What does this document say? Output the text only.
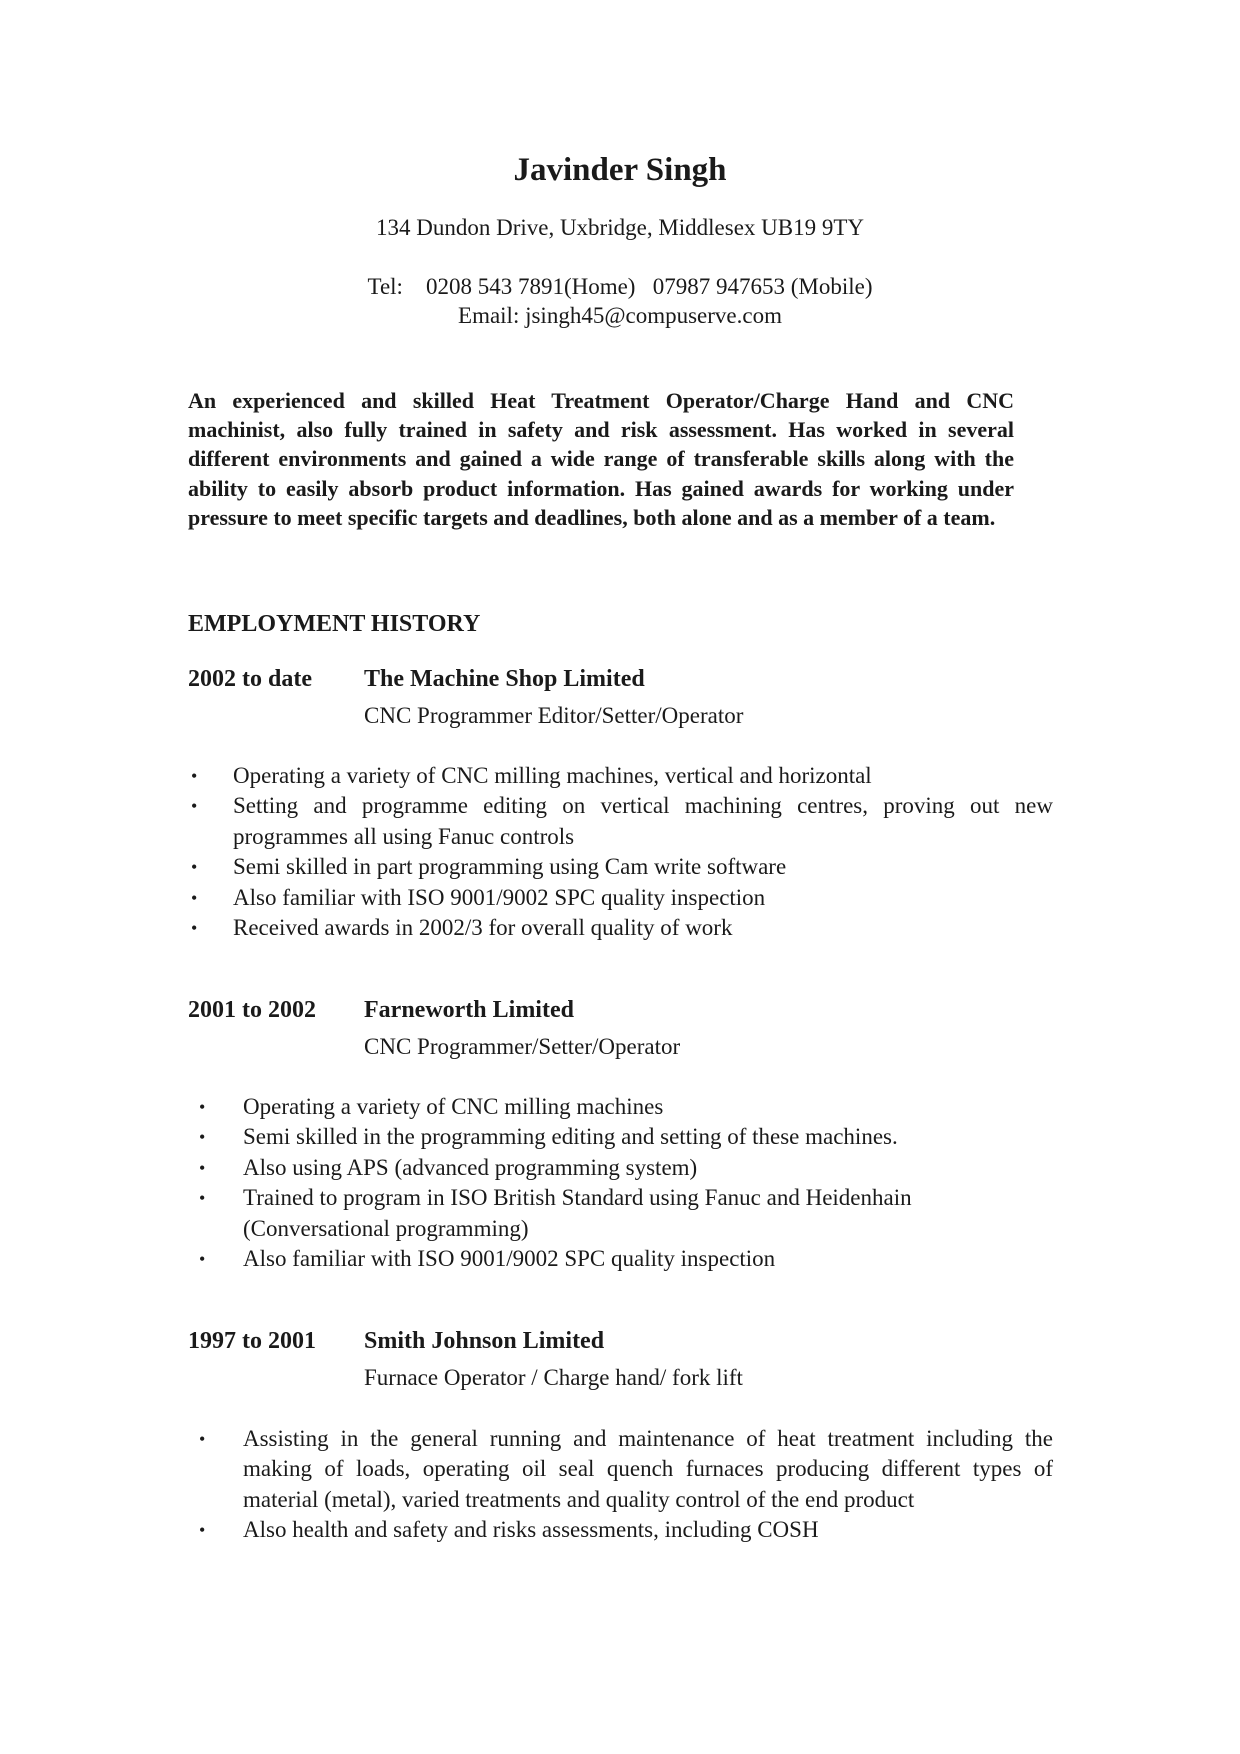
Javinder Singh
134 Dundon Drive, Uxbridge, Middlesex UB19 9TY
Tel: 0208 543 7891(Home) 07987 947653 (Mobile)
Email: jsingh45@compuserve.com
An experienced and skilled Heat Treatment Operator/Charge Hand and CNC machinist, also fully trained in safety and risk assessment. Has worked in several different environments and gained a wide range of transferable skills along with the ability to easily absorb product information. Has gained awards for working under pressure to meet specific targets and deadlines, both alone and as a member of a team.
EMPLOYMENT HISTORY
2002 to date The Machine Shop Limited
CNC Programmer Editor/Setter/Operator
• Operating a variety of CNC milling machines, vertical and horizontal
• Setting and programme editing on vertical machining centres, proving out new programmes all using Fanuc controls
• Semi skilled in part programming using Cam write software
• Also familiar with ISO 9001/9002 SPC quality inspection
• Received awards in 2002/3 for overall quality of work
2001 to 2002 Farneworth Limited
CNC Programmer/Setter/Operator
• Operating a variety of CNC milling machines
• Semi skilled in the programming editing and setting of these machines.
• Also using APS (advanced programming system)
• Trained to program in ISO British Standard using Fanuc and Heidenhain (Conversational programming)
• Also familiar with ISO 9001/9002 SPC quality inspection
1997 to 2001 Smith Johnson Limited
Furnace Operator / Charge hand/ fork lift
• Assisting in the general running and maintenance of heat treatment including the making of loads, operating oil seal quench furnaces producing different types of material (metal), varied treatments and quality control of the end product
• Also health and safety and risks assessments, including COSH
